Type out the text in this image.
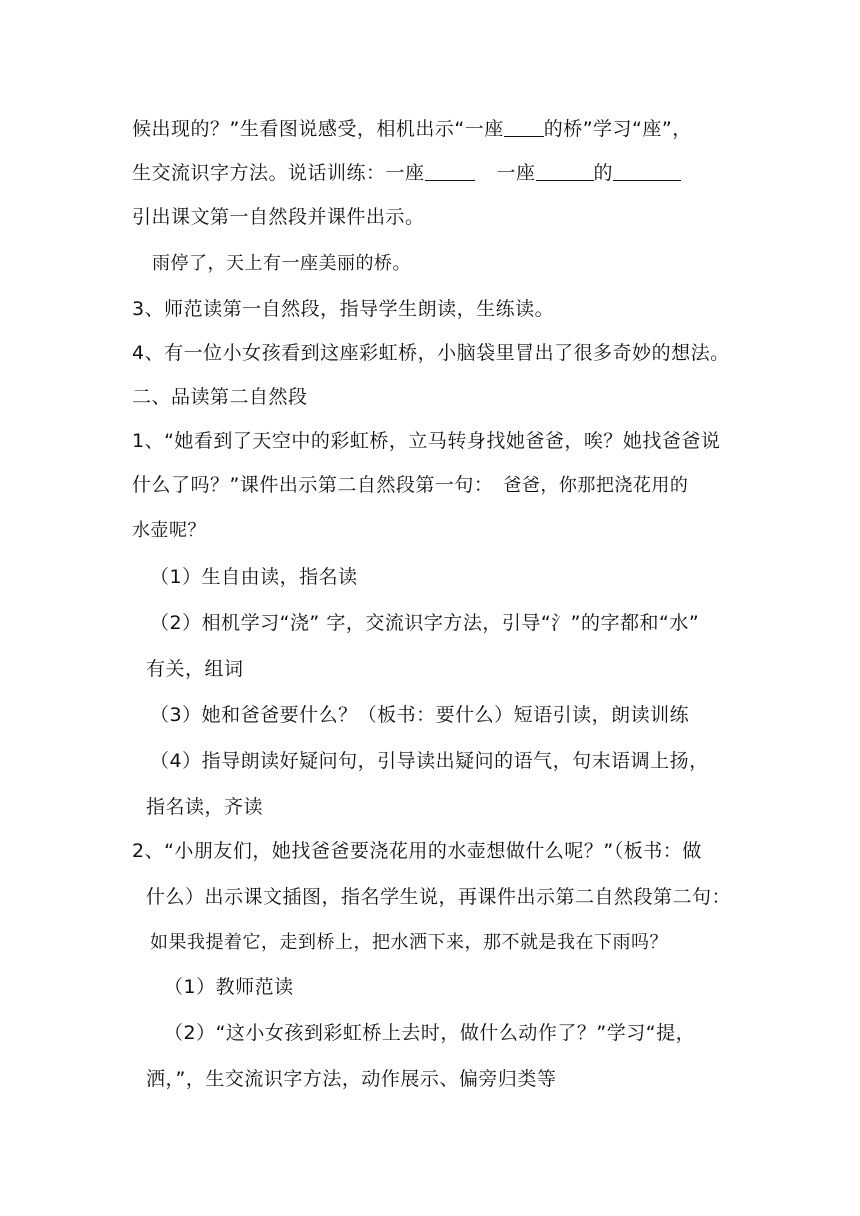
候出现的？”生看图说感受，相机出示“一座 的桥”学习“座”，
生交流识字方法。说话训练：一座	一座	的
引出课文第一自然段并课件出示。
雨停了，天上有一座美丽的桥。
3、师范读第一自然段，指导学生朗读，生练读。
4、有一位小女孩看到这座彩虹桥，小脑袋里冒出了很多奇妙的想法。
二、品读第二自然段
1、“她看到了天空中的彩虹桥，立马转身找她爸爸，唉？她找爸爸说
什么了吗？”课件出示第二自然段第一句： 爸爸，你那把浇花用的
水壶呢？
（1）生自由读，指名读
（2）相机学习“浇” 字，交流识字方法，引导“氵”的字都和“水”
有关，组词
（3）她和爸爸要什么？（板书：要什么）短语引读，朗读训练
（4）指导朗读好疑问句，引导读出疑问的语气，句末语调上扬，
指名读，齐读
2、“小朋友们，她找爸爸要浇花用的水壶想做什么呢？”（板书：做
什么）出示课文插图，指名学生说，再课件出示第二自然段第二句：
如果我提着它，走到桥上，把水洒下来，那不就是我在下雨吗？
（1）教师范读
（2）“这小女孩到彩虹桥上去时，做什么动作了？”学习“提，
洒，”，生交流识字方法，动作展示、偏旁归类等
